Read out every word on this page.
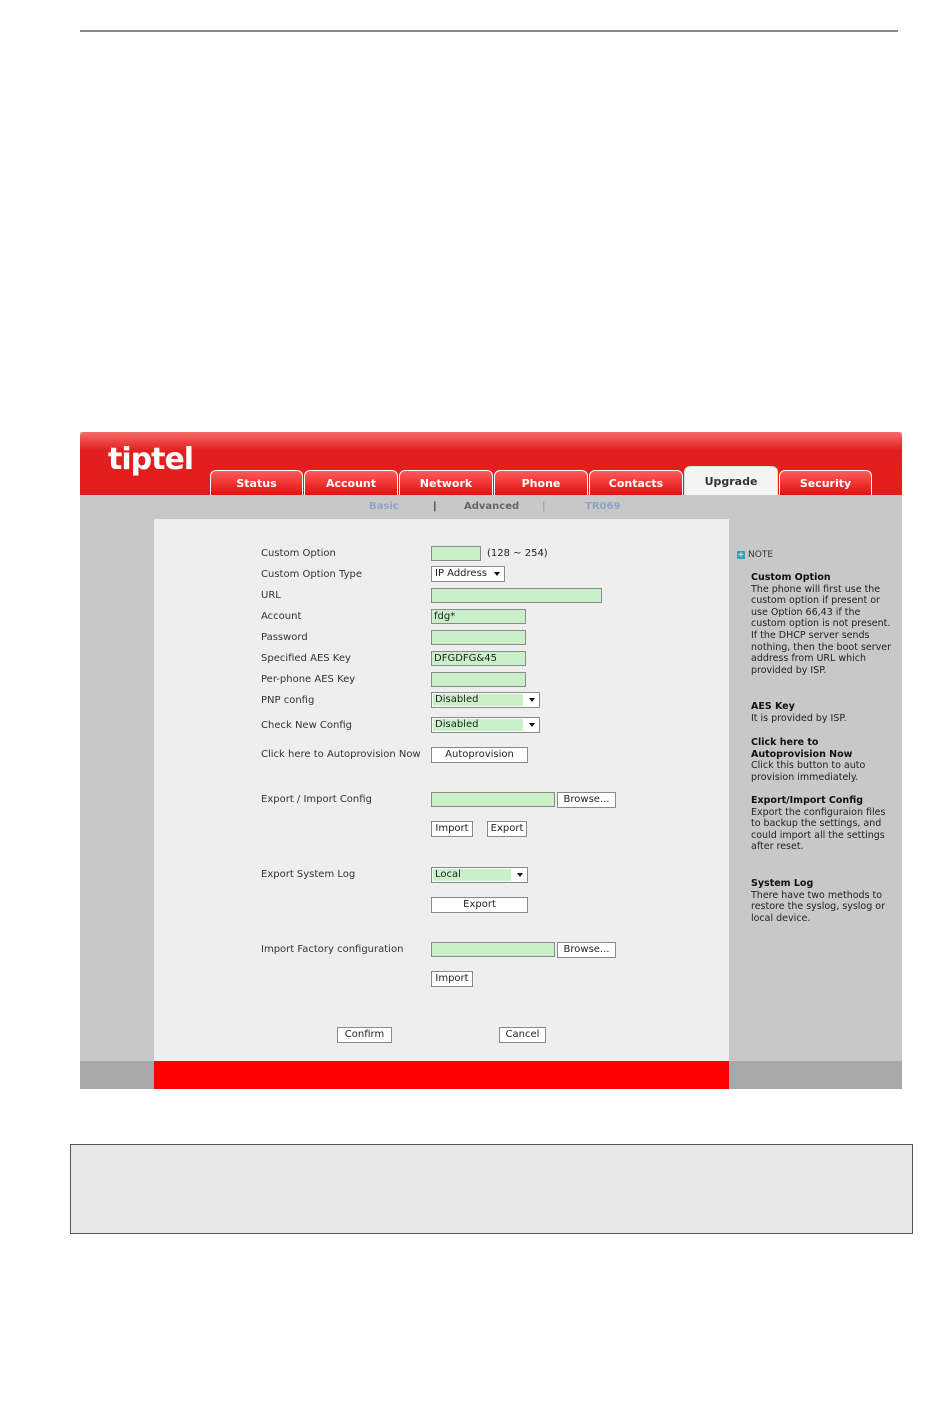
tiptel
Status	Account	Network	Phone	Contacts	Upgrade	Security
Basic	|	Advanced |	TR069
Custom Option	(128 ~ 254)
Custom Option Type	IP Address
URL
Account	fdg*
Password
Specified AES Key	DFGDFG&45
Per-phone AES Key
PNP config	Disabled
Check New Config	Disabled
Click here to Autoprovision Now	Autoprovision
Export / Import Config	Browse...
Import	Export
Export System Log	Local
Export
Import Factory configuration	Browse...
Import
Confirm	Cancel
+ NOTE
Custom Option
The phone will first use the custom option if present or use Option 66,43 if the custom option is not present. If the DHCP server sends nothing, then the boot server address from URL which provided by ISP.
AES Key
It is provided by ISP.
Click here to Autoprovision Now
Click this button to auto provision immediately.
Export/Import Config
Export the configuraion files to backup the settings, and could import all the settings after reset.
System Log
There have two methods to restore the syslog, syslog or local device.
